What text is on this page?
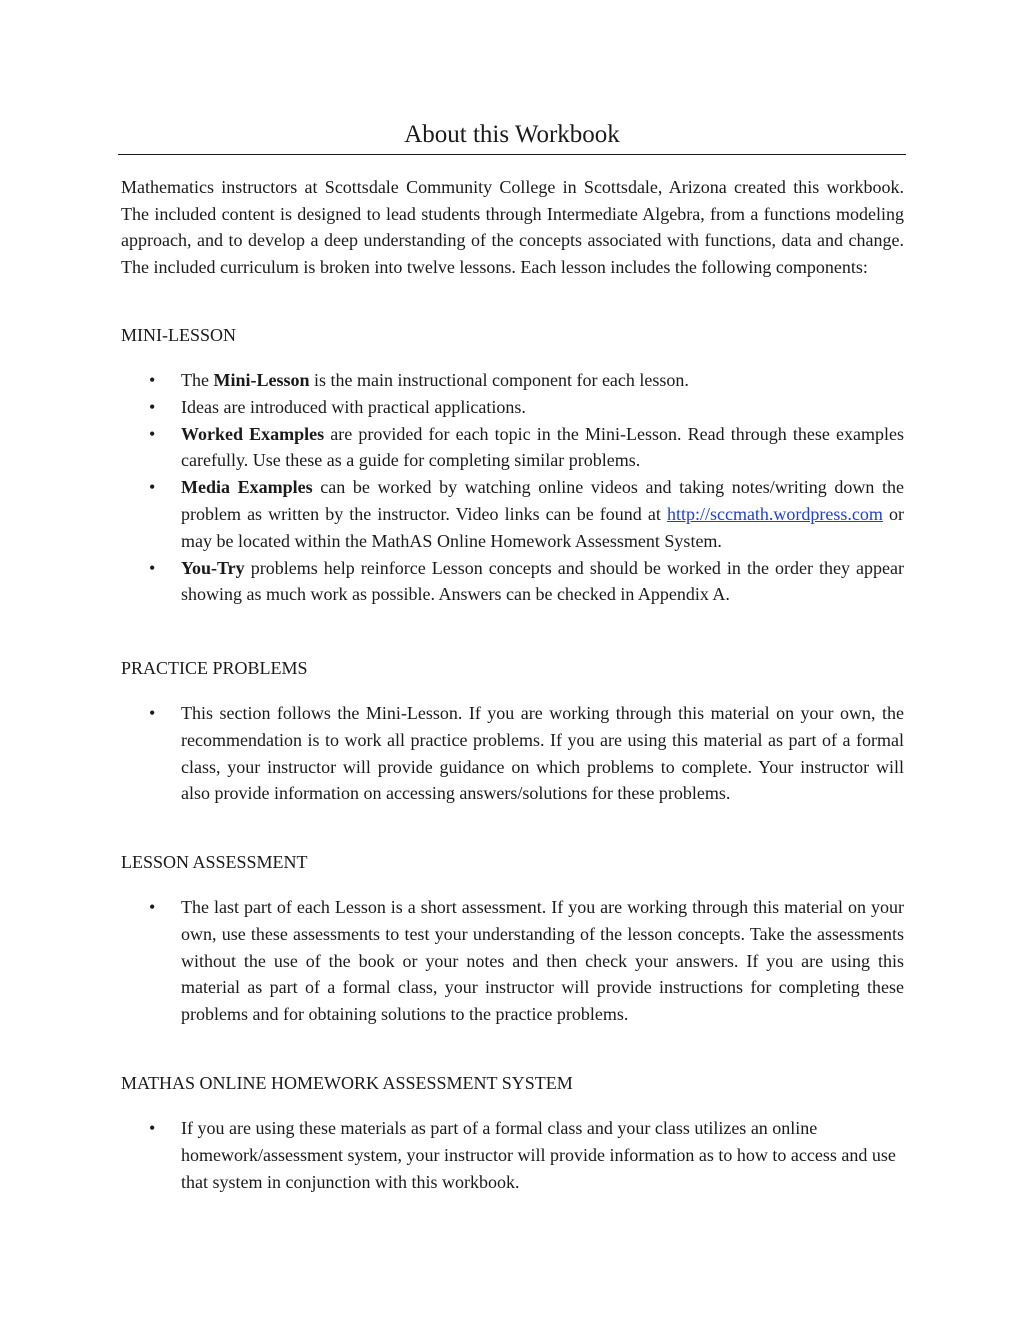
About this Workbook

Mathematics instructors at Scottsdale Community College in Scottsdale, Arizona created this workbook. The included content is designed to lead students through Intermediate Algebra, from a functions modeling approach, and to develop a deep understanding of the concepts associated with functions, data and change. The included curriculum is broken into twelve lessons. Each lesson includes the following components:

MINI-LESSON
•	The Mini-Lesson is the main instructional component for each lesson.
•	Ideas are introduced with practical applications.
•	Worked Examples are provided for each topic in the Mini-Lesson. Read through these examples carefully. Use these as a guide for completing similar problems.
•	Media Examples can be worked by watching online videos and taking notes/writing down the problem as written by the instructor. Video links can be found at http://sccmath.wordpress.com or may be located within the MathAS Online Homework Assessment System.
•	You-Try problems help reinforce Lesson concepts and should be worked in the order they appear showing as much work as possible. Answers can be checked in Appendix A.
PRACTICE PROBLEMS
•	This section follows the Mini-Lesson. If you are working through this material on your own, the recommendation is to work all practice problems. If you are using this material as part of a formal class, your instructor will provide guidance on which problems to complete. Your instructor will also provide information on accessing answers/solutions for these problems.
LESSON ASSESSMENT
•	The last part of each Lesson is a short assessment. If you are working through this material on your own, use these assessments to test your understanding of the lesson concepts. Take the assessments without the use of the book or your notes and then check your answers. If you are using this material as part of a formal class, your instructor will provide instructions for completing these problems and for obtaining solutions to the practice problems.
MATHAS ONLINE HOMEWORK ASSESSMENT SYSTEM
•	If you are using these materials as part of a formal class and your class utilizes an online homework/assessment system, your instructor will provide information as to how to access and use that system in conjunction with this workbook.
